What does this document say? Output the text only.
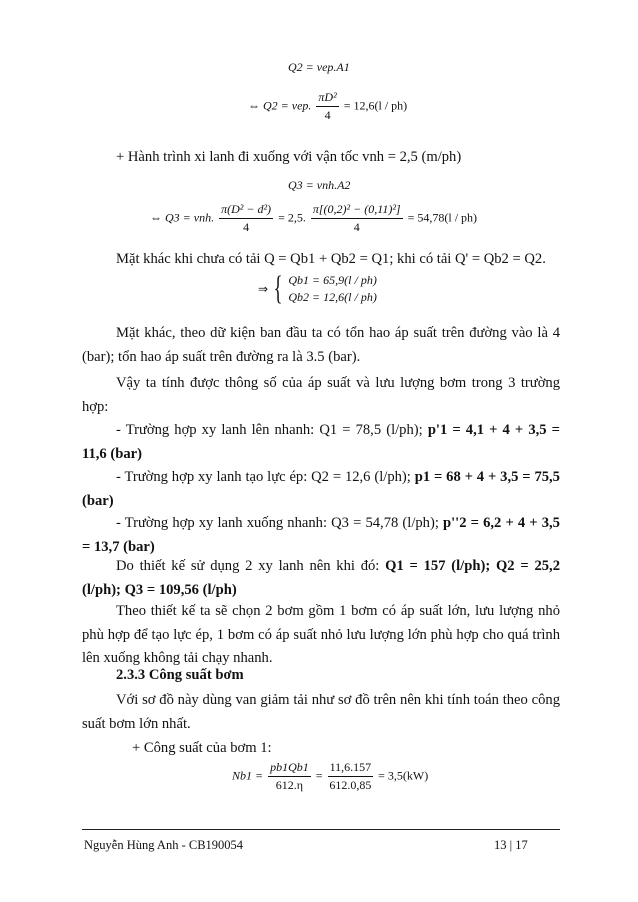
Q2 = vep.A1
⇔ Q2 = vep. $\frac{\text{πD²}}{4} = 12,6(l / ph)$

+ Hành trình xi lanh đi xuống với vận tốc vnh = 2,5 (m/ph)

Q3 = vnh.A2
⇔ Q3 = vnh. $\frac{\text{π(D² − d²)}}{4} = 2,5$. $\frac{\text{π[(0,2)² − (0,11)²]}}{4} = 54,78(l / ph)$

Mặt khác khi chưa có tải Q = Qb1 + Qb2 = Q1; khi có tải Q' = Qb2 = Q2.

⇒ { Qb1 = 65,9(l / ph)
Qb2 = 12,6(l / ph)

Mặt khác, theo dữ kiện ban đầu ta có tổn hao áp suất trên đường vào là 4 (bar); tổn hao áp suất trên đường ra là 3.5 (bar).

Vậy ta tính được thông số của áp suất và lưu lượng bơm trong 3 trường hợp:

- Trường hợp xy lanh lên nhanh: Q1 = 78,5 (l/ph); p'1 = 4,1 + 4 + 3,5 = 11,6 (bar)

- Trường hợp xy lanh tạo lực ép: Q2 = 12,6 (l/ph); p1 = 68 + 4 + 3,5 = 75,5 (bar)

- Trường hợp xy lanh xuống nhanh: Q3 = 54,78 (l/ph); p''2 = 6,2 + 4 + 3,5 = 13,7 (bar)

Do thiết kế sử dụng 2 xy lanh nên khi đó: Q1 = 157 (l/ph); Q2 = 25,2 (l/ph); Q3 = 109,56 (l/ph)

Theo thiết kế ta sẽ chọn 2 bơm gồm 1 bơm có áp suất lớn, lưu lượng nhỏ phù hợp để tạo lực ép, 1 bơm có áp suất nhỏ lưu lượng lớn phù hợp cho quá trình lên xuống không tải chạy nhanh.

2.3.3 Công suất bơm

Với sơ đồ này dùng van giảm tải như sơ đồ trên nên khi tính toán theo công suất bơm lớn nhất.

+ Công suất của bơm 1:

$Nb1 = \frac{pb1Qb1}{612.\eta} = \frac{11,6.157}{612.0,85} = 3,5(kW)$
Nguyễn Hùng Anh - CB190054	13 | 17
